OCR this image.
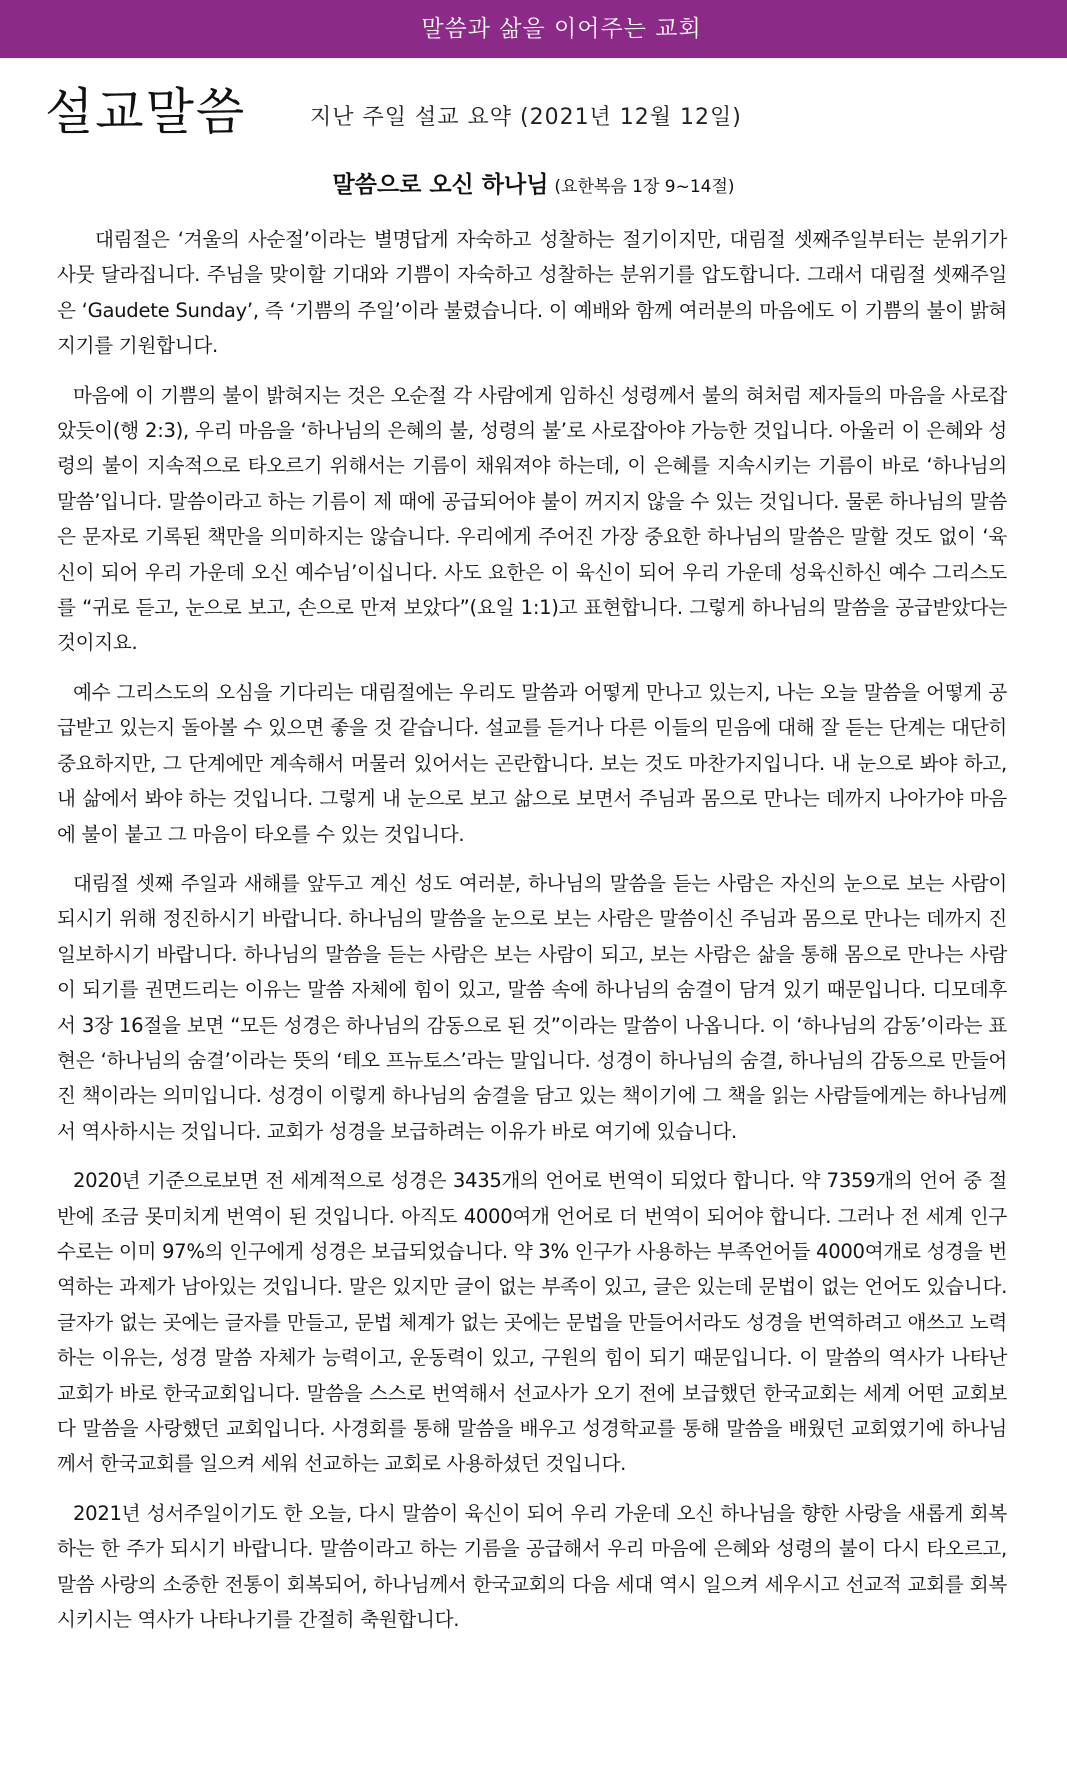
말씀과 삶을 이어주는 교회
설교말씀	지난 주일 설교 요약 (2021년 12월 12일)
말씀으로 오신 하나님 (요한복음 1장 9~14절)

대림절은 ‘겨울의 사순절’이라는 별명답게 자숙하고 성찰하는 절기이지만, 대림절 셋째주일부터는 분위기가 사뭇 달라집니다. 주님을 맞이할 기대와 기쁨이 자숙하고 성찰하는 분위기를 압도합니다. 그래서 대림절 셋째주일은 ‘Gaudete Sunday’, 즉 ‘기쁨의 주일’이라 불렸습니다. 이 예배와 함께 여러분의 마음에도 이 기쁨의 불이 밝혀지기를 기원합니다.

마음에 이 기쁨의 불이 밝혀지는 것은 오순절 각 사람에게 임하신 성령께서 불의 혀처럼 제자들의 마음을 사로잡았듯이(행 2:3), 우리 마음을 ‘하나님의 은혜의 불, 성령의 불’로 사로잡아야 가능한 것입니다. 아울러 이 은혜와 성령의 불이 지속적으로 타오르기 위해서는 기름이 채워져야 하는데, 이 은혜를 지속시키는 기름이 바로 ‘하나님의 말씀’입니다. 말씀이라고 하는 기름이 제 때에 공급되어야 불이 꺼지지 않을 수 있는 것입니다. 물론 하나님의 말씀은 문자로 기록된 책만을 의미하지는 않습니다. 우리에게 주어진 가장 중요한 하나님의 말씀은 말할 것도 없이 ‘육신이 되어 우리 가운데 오신 예수님’이십니다. 사도 요한은 이 육신이 되어 우리 가운데 성육신하신 예수 그리스도를 “귀로 듣고, 눈으로 보고, 손으로 만져 보았다”(요일 1:1)고 표현합니다. 그렇게 하나님의 말씀을 공급받았다는 것이지요.

예수 그리스도의 오심을 기다리는 대림절에는 우리도 말씀과 어떻게 만나고 있는지, 나는 오늘 말씀을 어떻게 공급받고 있는지 돌아볼 수 있으면 좋을 것 같습니다. 설교를 듣거나 다른 이들의 믿음에 대해 잘 듣는 단계는 대단히 중요하지만, 그 단계에만 계속해서 머물러 있어서는 곤란합니다. 보는 것도 마찬가지입니다. 내 눈으로 봐야 하고, 내 삶에서 봐야 하는 것입니다. 그렇게 내 눈으로 보고 삶으로 보면서 주님과 몸으로 만나는 데까지 나아가야 마음에 불이 붙고 그 마음이 타오를 수 있는 것입니다.

대림절 셋째 주일과 새해를 앞두고 계신 성도 여러분, 하나님의 말씀을 듣는 사람은 자신의 눈으로 보는 사람이 되시기 위해 정진하시기 바랍니다. 하나님의 말씀을 눈으로 보는 사람은 말씀이신 주님과 몸으로 만나는 데까지 진일보하시기 바랍니다. 하나님의 말씀을 듣는 사람은 보는 사람이 되고, 보는 사람은 삶을 통해 몸으로 만나는 사람이 되기를 권면드리는 이유는 말씀 자체에 힘이 있고, 말씀 속에 하나님의 숨결이 담겨 있기 때문입니다. 디모데후서 3장 16절을 보면 “모든 성경은 하나님의 감동으로 된 것”이라는 말씀이 나옵니다. 이 ‘하나님의 감동’이라는 표현은 ‘하나님의 숨결’이라는 뜻의 ‘테오 프뉴토스’라는 말입니다. 성경이 하나님의 숨결, 하나님의 감동으로 만들어진 책이라는 의미입니다. 성경이 이렇게 하나님의 숨결을 담고 있는 책이기에 그 책을 읽는 사람들에게는 하나님께서 역사하시는 것입니다. 교회가 성경을 보급하려는 이유가 바로 여기에 있습니다.

2020년 기준으로보면 전 세계적으로 성경은 3435개의 언어로 번역이 되었다 합니다. 약 7359개의 언어 중 절반에 조금 못미치게 번역이 된 것입니다. 아직도 4000여개 언어로 더 번역이 되어야 합니다. 그러나 전 세계 인구 수로는 이미 97%의 인구에게 성경은 보급되었습니다. 약 3% 인구가 사용하는 부족언어들 4000여개로 성경을 번역하는 과제가 남아있는 것입니다. 말은 있지만 글이 없는 부족이 있고, 글은 있는데 문법이 없는 언어도 있습니다. 글자가 없는 곳에는 글자를 만들고, 문법 체계가 없는 곳에는 문법을 만들어서라도 성경을 번역하려고 애쓰고 노력하는 이유는, 성경 말씀 자체가 능력이고, 운동력이 있고, 구원의 힘이 되기 때문입니다. 이 말씀의 역사가 나타난 교회가 바로 한국교회입니다. 말씀을 스스로 번역해서 선교사가 오기 전에 보급했던 한국교회는 세계 어떤 교회보다 말씀을 사랑했던 교회입니다. 사경회를 통해 말씀을 배우고 성경학교를 통해 말씀을 배웠던 교회였기에 하나님께서 한국교회를 일으켜 세워 선교하는 교회로 사용하셨던 것입니다.

2021년 성서주일이기도 한 오늘, 다시 말씀이 육신이 되어 우리 가운데 오신 하나님을 향한 사랑을 새롭게 회복하는 한 주가 되시기 바랍니다. 말씀이라고 하는 기름을 공급해서 우리 마음에 은혜와 성령의 불이 다시 타오르고, 말씀 사랑의 소중한 전통이 회복되어, 하나님께서 한국교회의 다음 세대 역시 일으켜 세우시고 선교적 교회를 회복시키시는 역사가 나타나기를 간절히 축원합니다.
